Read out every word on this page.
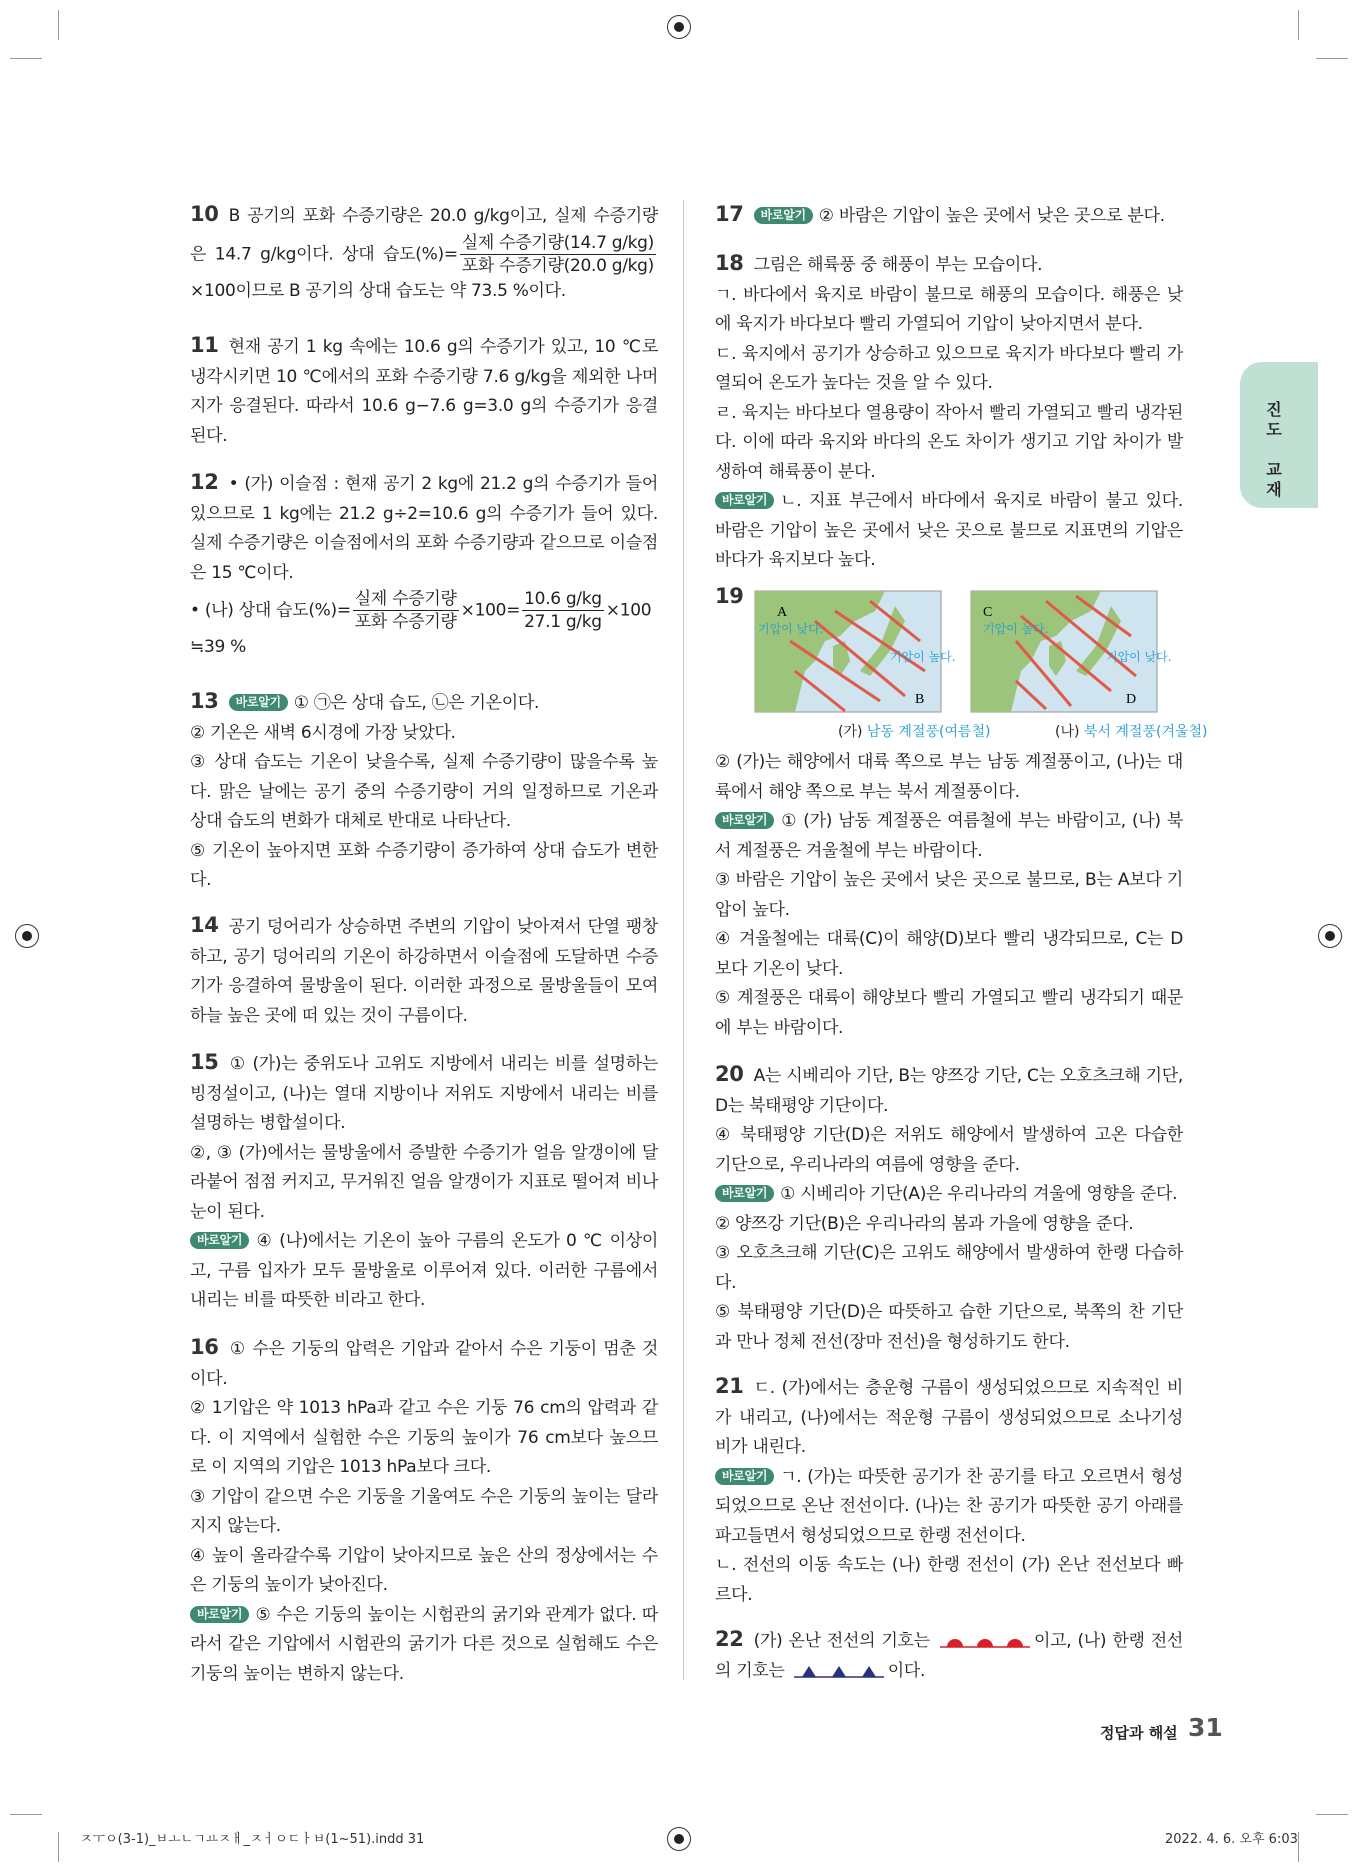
A
B
기압이 낮다.
기압이 높다.
C
D
기압이 높다.
기압이 낮다.
(가) 남동 계절풍(여름철)	(나) 북서 계절풍(겨울철)
진
도

교
재
정답과 해설 31
ㅈㅜㅇ(3-1)_ㅂㅗㄴㄱㅛㅈㅐ_ㅈㅓㅇㄷㅏㅂ(1~51).indd 31	2022. 4. 6. 오후 6:03

10 B 공기의 포화 수증기량은 20.0 g/kg이고, 실제 수증기량은 14.7 g/kg이다. 상대 습도(%)= $\frac{\text{실제 수증기량(14.7 g/kg)}}{\text{포화 수증기량(20.0 g/kg)}}$
×100이므로 B 공기의 상대 습도는 약 73.5 %이다.

11 현재 공기 1 kg 속에는 10.6 g의 수증기가 있고, 10 ℃로 냉각시키면 10 ℃에서의 포화 수증기량 7.6 g/kg을 제외한 나머지가 응결된다. 따라서 10.6 g−7.6 g=3.0 g의 수증기가 응결된다.

12 • (가) 이슬점 : 현재 공기 2 kg에 21.2 g의 수증기가 들어 있으므로 1 kg에는 21.2 g÷2=10.6 g의 수증기가 들어 있다. 실제 수증기량은 이슬점에서의 포화 수증기량과 같으므로 이슬점은 15 ℃이다.

• (나) 상대 습도(%)= $\frac{\text{실제 수증기량}}{\text{포화 수증기량}} \times 100= \frac{10.6 g/kg}{27.1 g/kg} \times 100$

≒39 %

13 바로알기 ① ㉠은 상대 습도, ㉡은 기온이다.

② 기온은 새벽 6시경에 가장 낮았다.

③ 상대 습도는 기온이 낮을수록, 실제 수증기량이 많을수록 높다. 맑은 날에는 공기 중의 수증기량이 거의 일정하므로 기온과 상대 습도의 변화가 대체로 반대로 나타난다.

⑤ 기온이 높아지면 포화 수증기량이 증가하여 상대 습도가 변한다.

14 공기 덩어리가 상승하면 주변의 기압이 낮아져서 단열 팽창하고, 공기 덩어리의 기온이 하강하면서 이슬점에 도달하면 수증기가 응결하여 물방울이 된다. 이러한 과정으로 물방울들이 모여 하늘 높은 곳에 떠 있는 것이 구름이다.

15 ① (가)는 중위도나 고위도 지방에서 내리는 비를 설명하는 빙정설이고, (나)는 열대 지방이나 저위도 지방에서 내리는 비를 설명하는 병합설이다.

②, ③ (가)에서는 물방울에서 증발한 수증기가 얼음 알갱이에 달라붙어 점점 커지고, 무거워진 얼음 알갱이가 지표로 떨어져 비나 눈이 된다.

바로알기 ④ (나)에서는 기온이 높아 구름의 온도가 0 ℃ 이상이고, 구름 입자가 모두 물방울로 이루어져 있다. 이러한 구름에서 내리는 비를 따뜻한 비라고 한다.

16 ① 수은 기둥의 압력은 기압과 같아서 수은 기둥이 멈춘 것이다.

② 1기압은 약 1013 hPa과 같고 수은 기둥 76 cm의 압력과 같다. 이 지역에서 실험한 수은 기둥의 높이가 76 cm보다 높으므로 이 지역의 기압은 1013 hPa보다 크다.

③ 기압이 같으면 수은 기둥을 기울여도 수은 기둥의 높이는 달라지지 않는다.

④ 높이 올라갈수록 기압이 낮아지므로 높은 산의 정상에서는 수은 기둥의 높이가 낮아진다.

바로알기 ⑤ 수은 기둥의 높이는 시험관의 굵기와 관계가 없다. 따라서 같은 기압에서 시험관의 굵기가 다른 것으로 실험해도 수은 기둥의 높이는 변하지 않는다.

17 바로알기 ② 바람은 기압이 높은 곳에서 낮은 곳으로 분다.

18 그림은 해륙풍 중 해풍이 부는 모습이다.

ㄱ. 바다에서 육지로 바람이 불므로 해풍의 모습이다. 해풍은 낮에 육지가 바다보다 빨리 가열되어 기압이 낮아지면서 분다.

ㄷ. 육지에서 공기가 상승하고 있으므로 육지가 바다보다 빨리 가열되어 온도가 높다는 것을 알 수 있다.

ㄹ. 육지는 바다보다 열용량이 작아서 빨리 가열되고 빨리 냉각된다. 이에 따라 육지와 바다의 온도 차이가 생기고 기압 차이가 발생하여 해륙풍이 분다.

바로알기 ㄴ. 지표 부근에서 바다에서 육지로 바람이 불고 있다. 바람은 기압이 높은 곳에서 낮은 곳으로 불므로 지표면의 기압은 바다가 육지보다 높다.

19

② (가)는 해양에서 대륙 쪽으로 부는 남동 계절풍이고, (나)는 대륙에서 해양 쪽으로 부는 북서 계절풍이다.

바로알기 ① (가) 남동 계절풍은 여름철에 부는 바람이고, (나) 북서 계절풍은 겨울철에 부는 바람이다.

③ 바람은 기압이 높은 곳에서 낮은 곳으로 불므로, B는 A보다 기압이 높다.

④ 겨울철에는 대륙(C)이 해양(D)보다 빨리 냉각되므로, C는 D보다 기온이 낮다.

⑤ 계절풍은 대륙이 해양보다 빨리 가열되고 빨리 냉각되기 때문에 부는 바람이다.

20 A는 시베리아 기단, B는 양쯔강 기단, C는 오호츠크해 기단, D는 북태평양 기단이다.

④ 북태평양 기단(D)은 저위도 해양에서 발생하여 고온 다습한 기단으로, 우리나라의 여름에 영향을 준다.

바로알기 ① 시베리아 기단(A)은 우리나라의 겨울에 영향을 준다.

② 양쯔강 기단(B)은 우리나라의 봄과 가을에 영향을 준다.

③ 오호츠크해 기단(C)은 고위도 해양에서 발생하여 한랭 다습하다.

⑤ 북태평양 기단(D)은 따뜻하고 습한 기단으로, 북쪽의 찬 기단과 만나 정체 전선(장마 전선)을 형성하기도 한다.

21 ㄷ. (가)에서는 층운형 구름이 생성되었으므로 지속적인 비가 내리고, (나)에서는 적운형 구름이 생성되었으므로 소나기성 비가 내린다.

바로알기 ㄱ. (가)는 따뜻한 공기가 찬 공기를 타고 오르면서 형성되었으므로 온난 전선이다. (나)는 찬 공기가 따뜻한 공기 아래를 파고들면서 형성되었으므로 한랭 전선이다.

ㄴ. 전선의 이동 속도는 (나) 한랭 전선이 (가) 온난 전선보다 빠르다.

22 (가) 온난 전선의 기호는	이고, (나) 한랭 전선의 기호는	이다.
